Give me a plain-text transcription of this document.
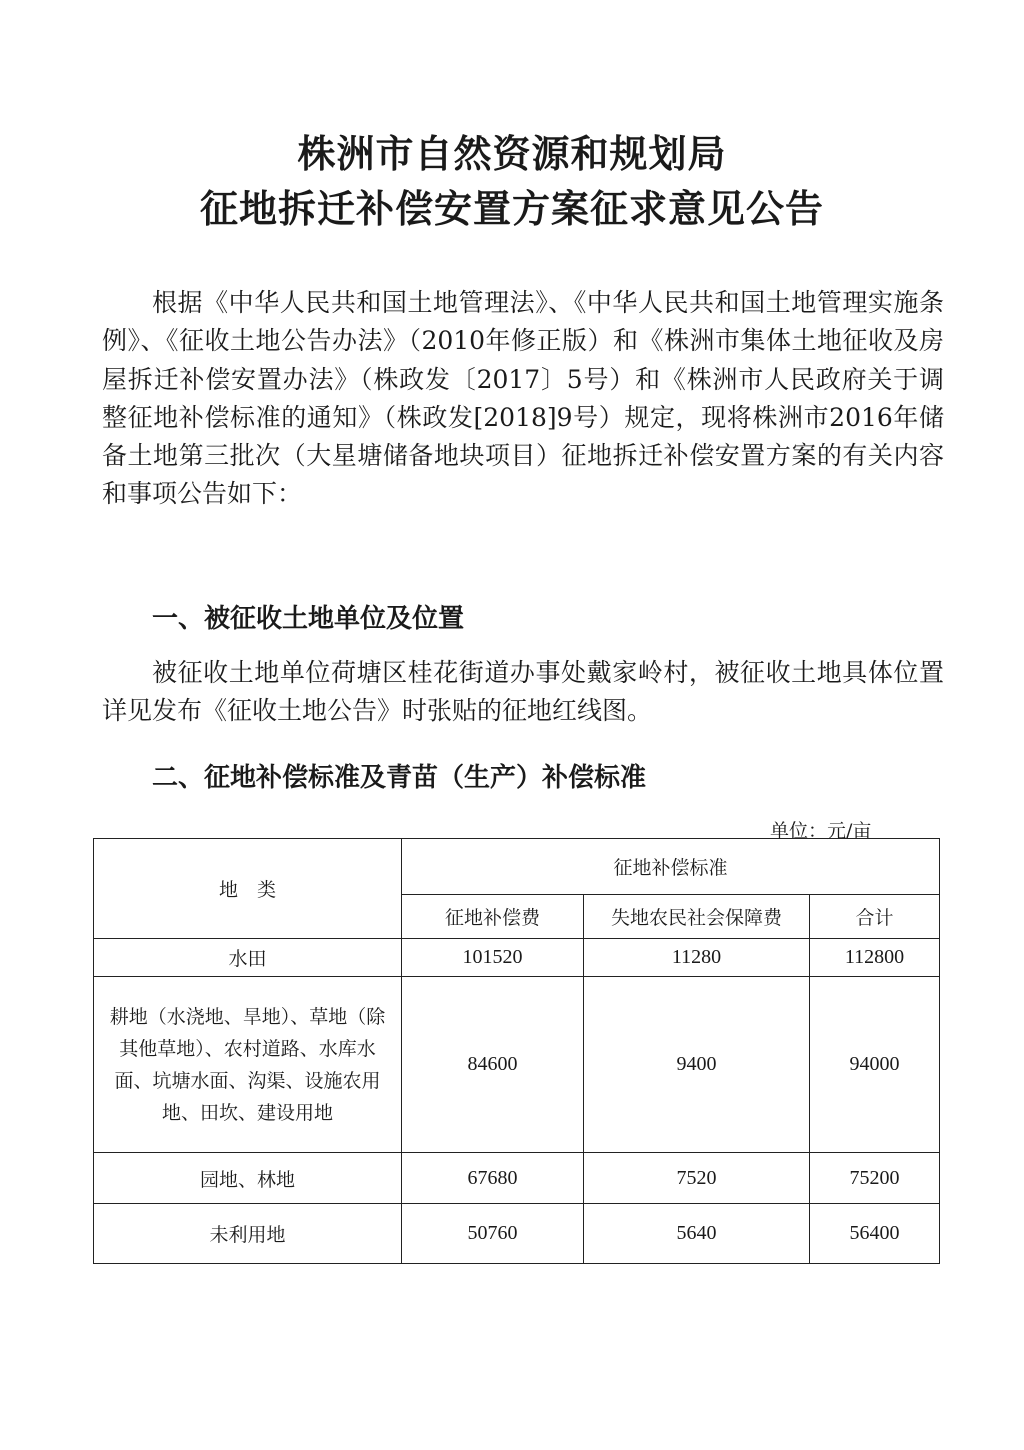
株洲市自然资源和规划局
征地拆迁补偿安置方案征求意见公告

根据《中华人民共和国土地管理法》、《中华人民共和国土地管理实施条例》、《征收土地公告办法》（2010年修正版）和《株洲市集体土地征收及房屋拆迁补偿安置办法》（株政发〔2017〕5号）和《株洲市人民政府关于调整征地补偿标准的通知》（株政发[2018]9号）规定，现将株洲市2016年储备土地第三批次（大星塘储备地块项目）征地拆迁补偿安置方案的有关内容和事项公告如下：

一、被征收土地单位及位置

被征收土地单位荷塘区桂花街道办事处戴家岭村，被征收土地具体位置详见发布《征收土地公告》时张贴的征地红线图。

二、征地补偿标准及青苗（生产）补偿标准
单位：元/亩
地　类	征地补偿标准		
	征地补偿费	失地农民社会保障费	合计
水田	101520	11280	112800
耕地（水浇地、旱地）、草地（除其他草地）、农村道路、水库水面、坑塘水面、沟渠、设施农用地、田坎、建设用地	84600	9400	94000
园地、林地	67680	7520	75200
未利用地	50760	5640	56400
